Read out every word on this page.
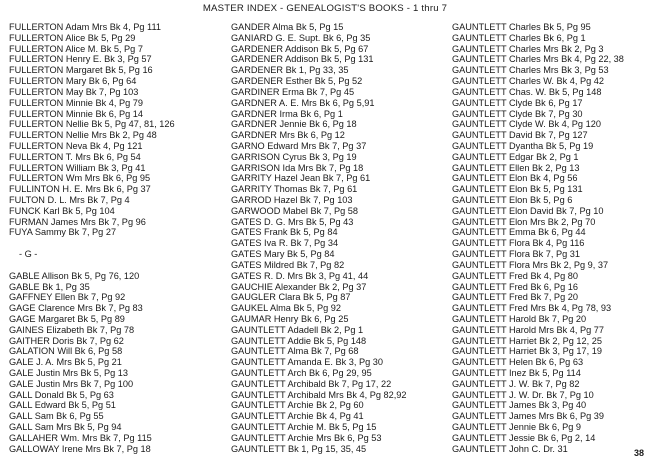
MASTER INDEX - GENEALOGIST'S BOOKS - 1 thru 7
FULLERTON Adam Mrs Bk 4, Pg 111
FULLERTON Alice Bk 5, Pg 29
FULLERTON Alice M. Bk 5, Pg 7
FULLERTON Henry E. Bk 3, Pg 57
FULLERTON Margaret Bk 5, Pg 16
FULLERTON Mary Bk 6, Pg 64
FULLERTON May Bk 7, Pg 103
FULLERTON Minnie Bk 4, Pg 79
FULLERTON Minnie Bk 6, Pg 14
FULLERTON Nellie Bk 5, Pg 47, 81, 126
FULLERTON Nellie Mrs Bk 2, Pg 48
FULLERTON Neva Bk 4, Pg 121
FULLERTON T. Mrs Bk 6, Pg 54
FULLERTON William Bk 3, Pg 41
FULLERTON Wm Mrs Bk 6, Pg 95
FULLINTON H. E. Mrs Bk 6, Pg 37
FULTON D. L. Mrs Bk 7, Pg 4
FUNCK Karl Bk 5, Pg 104
FURMAN James Mrs Bk 7, Pg 96
FUYA Sammy Bk 7, Pg 27
- G -
GABLE Allison Bk 5, Pg 76, 120
GABLE Bk 1, Pg 35
GAFFNEY Ellen Bk 7, Pg 92
GAGE Clarence Mrs Bk 7, Pg 83
GAGE Margaret Bk 5, Pg 89
GAINES Elizabeth Bk 7, Pg 78
GAITHER Doris Bk 7, Pg 62
GALATION Will Bk 6, Pg 58
GALE J. A. Mrs Bk 5, Pg 21
GALE Justin Mrs Bk 5, Pg 13
GALE Justin Mrs Bk 7, Pg 100
GALL Donald Bk 5, Pg 63
GALL Edward Bk 5, Pg 51
GALL Sam Bk 6, Pg 55
GALL Sam Mrs Bk 5, Pg 94
GALLAHER Wm. Mrs Bk 7, Pg 115
GALLOWAY Irene Mrs Bk 7, Pg 18
GANDER Alma Bk 5, Pg 15
GANIARD G. E. Supt. Bk 6, Pg 35
GARDENER Addison Bk 5, Pg 67
GARDENER Addison Bk 5, Pg 131
GARDENER Bk 1, Pg 33, 35
GARDENER Esther Bk 5, Pg 52
GARDINER Erma Bk 7, Pg 45
GARDNER A. E. Mrs Bk 6, Pg 5,91
GARDNER Irma Bk 6, Pg 1
GARDNER Jennie Bk 6, Pg 18
GARDNER Mrs Bk 6, Pg 12
GARNO Edward Mrs Bk 7, Pg 37
GARRISON Cyrus Bk 3, Pg 19
GARRISON Ida Mrs Bk 7, Pg 18
GARRITY Hazel Jean Bk 7, Pg 61
GARRITY Thomas Bk 7, Pg 61
GARROD Hazel Bk 7, Pg 103
GARWOOD Mabel Bk 7, Pg 58
GATES D. G. Mrs Bk 5, Pg 43
GATES Frank Bk 5, Pg 84
GATES Iva R. Bk 7, Pg 34
GATES Mary Bk 5, Pg 84
GATES Mildred Bk 7, Pg 82
GATES R. D. Mrs Bk 3, Pg 41, 44
GAUCHIE Alexander Bk 2, Pg 37
GAUGLER Clara Bk 5, Pg 87
GAUKEL Alma Bk 5, Pg 92
GAUMAR Henry Bk 6, Pg 25
GAUNTLETT Adadell Bk 2, Pg 1
GAUNTLETT Addie Bk 5, Pg 148
GAUNTLETT Alma Bk 7, Pg 68
GAUNTLETT Amanda E. Bk 3, Pg 30
GAUNTLETT Arch Bk 6, Pg 29, 95
GAUNTLETT Archibald Bk 7, Pg 17, 22
GAUNTLETT Archibald Mrs Bk 4, Pg 82,92
GAUNTLETT Archie Bk 2, Pg 60
GAUNTLETT Archie Bk 4, Pg 41
GAUNTLETT Archie M. Bk 5, Pg 15
GAUNTLETT Archie Mrs Bk 6, Pg 53
GAUNTLETT Bk 1, Pg 15, 35, 45
GAUNTLETT Charles Bk 5, Pg 95
GAUNTLETT Charles Bk 6, Pg 1
GAUNTLETT Charles Mrs Bk 2, Pg 3
GAUNTLETT Charles Mrs Bk 4, Pg 22, 38
GAUNTLETT Charles Mrs Bk 3, Pg 53
GAUNTLETT Charles W. Bk 4, Pg 42
GAUNTLETT Chas. W. Bk 5, Pg 148
GAUNTLETT Clyde Bk 6, Pg 17
GAUNTLETT Clyde Bk 7, Pg 30
GAUNTLETT Clyde W. Bk 4, Pg 120
GAUNTLETT David Bk 7, Pg 127
GAUNTLETT Dyantha Bk 5, Pg 19
GAUNTLETT Edgar Bk 2, Pg 1
GAUNTLETT Ellen Bk 2, Pg 13
GAUNTLETT Elon Bk 4, Pg 56
GAUNTLETT Elon Bk 5, Pg 131
GAUNTLETT Elon Bk 5, Pg 6
GAUNTLETT Elon David Bk 7, Pg 10
GAUNTLETT Elon Mrs Bk 2, Pg 70
GAUNTLETT Emma Bk 6, Pg 44
GAUNTLETT Flora Bk 4, Pg 116
GAUNTLETT Flora Bk 7, Pg 31
GAUNTLETT Flora Mrs Bk 2, Pg 9, 37
GAUNTLETT Fred Bk 4, Pg 80
GAUNTLETT Fred Bk 6, Pg 16
GAUNTLETT Fred Bk 7, Pg 20
GAUNTLETT Fred Mrs Bk 4, Pg 78, 93
GAUNTLETT Harold Bk 7, Pg 20
GAUNTLETT Harold Mrs Bk 4, Pg 77
GAUNTLETT Harriet Bk 2, Pg 12, 25
GAUNTLETT Harriet Bk 3, Pg 17, 19
GAUNTLETT Helen Bk 6, Pg 63
GAUNTLETT Inez Bk 5, Pg 114
GAUNTLETT J. W. Bk 7, Pg 82
GAUNTLETT J. W. Dr. Bk 7, Pg 10
GAUNTLETT James Bk 3, Pg 40
GAUNTLETT James Mrs Bk 6, Pg 39
GAUNTLETT Jennie Bk 6, Pg 9
GAUNTLETT Jessie Bk 6, Pg 2, 14
GAUNTLETT John C. Dr. 31	38
